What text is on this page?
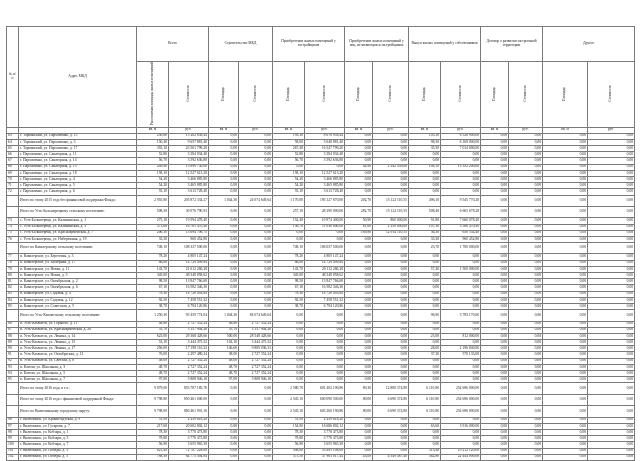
№ п/п	Адрес МКД	Всего		Строительство МКД		Приобретение жилых помещений у застройщиков		Приобретение жилых помещений у лиц, не являющихся застройщиком		Выкуп жилых помещений у собственников		Договор о развитии застроенной территории		Другое	
		Расселяемая площадь жилых помещений	Стоимость	Площадь	Стоимость	Площадь	Стоимость	Площадь	Стоимость	Площадь	Стоимость	Площадь	Стоимость	Площадь	Стоимость
		кв. м	руб.	кв. м	руб.	кв. м	руб.	кв. м	руб.	кв. м	руб.	кв. м	руб.	кв. м	руб.
63	г. Тарманский, ул. Пархоменко, д. 15	250,60	15 202 858,44	0,00	0,00	193,30	8 676 958,44	0,00	0,00	103,30	6 528 900,00	0,00	0,00	0,00	0,00
64	г. Тарманский, ул. Пархоменко, д. 3	150,40	9 657 881,40	0,00	0,00	58,00	3 648 881,40	0,00	0,00	98,30	6 169 000,00	0,00	0,00	0,00	0,00
65	г. Тарманский, ул. Пархоменко, д. 17	355,10	23 561 799,20	0,00	0,00	267,40	16 547 799,20	0,00	0,00	35,50	7 014 000,00	0,00	0,00	0,00	0,00
66	г. Пархоменко, ул. Санаторная, д. 11	52,80	3 384 034,40	0,00	0,00	52,80	3 384 034,40	0,00	0,00	0,00	0,00	0,00	0,00	0,00	0,00
67	г. Пархоменко, ул. Санаторная, д. 14	56,70	3 592 636,80	0,00	0,00	56,70	3 592 636,80	0,00	0,00	0,00	0,00	0,00	0,00	0,00	0,00
68	г. Пархоменко, ул. Санаторная, д. 15	249,80	15 899 750,00	0,00	0,00	0,00	0,00	44,90	2 542 350,00	104,10	13 352 200,00	0,00	0,00	0,00	0,00
69	г. Пархоменко, ул. Санаторная, д. 18	158,10	12 527 613,20	0,00	0,00	158,10	12 527 613,20	0,00	0,00	0,00	0,00	0,00	0,00	0,00	0,00
70	г. Пархоменко, ул. Санаторная, д. 4	54,20	3 466 885,80	0,00	0,00	54,20	3 466 885,80	0,00	0,00	0,00	0,00	0,00	0,00	0,00	0,00
71	г. Пархоменко, ул. Санаторная, д. 5	54,20	3 465 885,80	0,00	0,00	54,20	3 465 885,80	0,00	0,00	0,00	0,00	0,00	0,00	0,00	0,00
72	г. Пархоменко, ул. Санаторная, д. 6	55,10	3 613 728,40	0,00	0,00	55,10	3 613 728,40	0,00	0,00	0,00	0,00	0,00	0,00	0,00	0,00
	Итого по этапу 2015 года без финансовой поддержки Фонда:	2 955,80	205 872 334,27	1 044,30	24 074 649,64	1 170,00	195 127 870,00	202,70	15 122 110,55	496,10	9 545 770,28	0,00	0,00	0,00	0,00
	Итого по Усть-Большерецкому сельскому поселению:	508,30	30 076 790,93	0,00	0,00	257,10	28 290 000,00	282,70	15 122 110,55	508,40	6 665 678,28	0,00	0,00	0,00	0,00
73	с. Усть-Большерецк, ул. Калининская, д. 1	275,10	19 594 478,40	0,00	0,00	152,40	10 974 400,00	50,90	860 000,00	91,80	7 660 078,40	0,00	0,00	0,00	0,00
74	с. Усть-Большерецк, ул. Калининская, д. 3	373,60	16 761 470,40	0,00	0,00	156,70	11 030 000,00	81,60	2 350 000,00	107,30	3 580 470,40	0,00	0,00	0,00	0,00
75	с. Усть-Большерецк, ул. Красноармейская, д. 7	206,10	13 694 706,75	0,00	0,00	0,00	0,00	169,80	12 914 110,55	36,30	650 554,40	0,00	0,00	0,00	0,00
76	с. Усть-Большерецк, ул. Набережная, д. 19	33,30	960 452,80	0,00	0,00	0,00	0,00	0,00	0,00	33,30	960 452,80	0,00	0,00	0,00	0,00
	Итого по Кавалерскому сельскому поселению:	748,10	108 337 500,00	0,00	0,00	748,10	106 037 500,00	0,00	0,00	23,70	1 700 000,00	0,00	0,00	0,00	0,00
77	п. Кавалерское, ул. Береговая, д. 3	78,20	4 805 147,24	0,00	0,00	78,20	4 805 147,24	0,00	0,00	0,00	0,00	0,00	0,00	0,00	0,00
78	п. Кавалерское, ул. Заозерная, д. 17	86,00	14 729 499,84	0,00	0,00	86,00	14 729 499,84	0,00	0,00	0,00	0,00	0,00	0,00	0,00	0,00
79	п. Кавалерское, ул. Новая, д. 11	143,70	21 612 260,28	0,00	0,00	143,70	20 112 260,28	0,00	0,00	57,40	1 500 000,00	0,00	0,00	0,00	0,00
80	п. Кавалерское, ул. Новая, д. 5	345,00	48 348 858,62	0,00	0,00	345,00	48 348 858,62	0,00	0,00	0,00	0,00	0,00	0,00	0,00	0,00
81	п. Кавалерское, ул. Октябрьская, д. 2	98,50	13 847 766,68	0,00	0,00	98,50	13 847 766,68	0,00	0,00	0,00	0,00	0,00	0,00	0,00	0,00
82	п. Кавалерское, ул. Октябрьская, д. 6	67,10	16 582 346,30	0,00	0,00	67,10	16 582 346,30	0,00	0,00	0,00	0,00	0,00	0,00	0,00	0,00
83	п. Кавалерское, ул. Садовая, д. 4	78,30	14 720 493,84	0,00	0,00	78,30	14 720 493,84	0,00	0,00	0,00	0,00	0,00	0,00	0,00	0,00
84	п. Кавалерское, ул. Садовая, д. 12	92,50	7 458 551,32	0,00	0,00	92,50	7 458 551,32	0,00	0,00	0,00	0,00	0,00	0,00	0,00	0,00
85	п. Кавалерское, ул. Советская, д. 5	38,70	6 794 120,86	0,00	0,00	38,70	6 794 120,86	0,00	0,00	0,00	0,00	0,00	0,00	0,00	0,00
	Итого по Усть-Камчатскому сельскому поселению:	1 250,30	95 459 774,04	1 044,30	84 074 649,64	0,00	0,00	0,00	0,00	96,90	3 785 170,00	0,00	0,00	0,00	0,00
86	п. Усть-Камчатск, ул. Горького, д. 11	48,80	2 727 352,24	48,80	2 727 352,24	0,00	0,00	0,00	0,00	0,00	0,00	0,00	0,00	0,00	0,00
87	п. Усть-Камчатск, ул. Красноармейская, д. 28	55,70	3 157 904,26	55,70	3 157 904,26	0,00	0,00	0,00	0,00	0,00	0,00	0,00	0,00	0,00	0,00
88	п. Усть-Камчатск, ул. Ленина, д. 14	623,00	29 368 428,66	500,00	28 548 428,66	0,00	0,00	0,00	0,00	23,00	812 000,00	0,00	0,00	0,00	0,00
89	п. Усть-Камчатск, ул. Ленина, д. 15	53,10	3 444 475,32	102,10	3 444 475,32	0,00	0,00	0,00	0,00	0,00	0,00	0,00	0,00	0,00	0,00
90	п. Усть-Камчатск, ул. Ленина, д. 17	256,00	17 198 116,32	146,60	9 809 036,31	0,00	0,00	0,00	0,00	28,00	2 196 840,00	0,00	0,00	0,00	0,00
91	п. Усть-Камчатск, ул. Октябрьская, д. 13	76,00	2 297 480,24	38,00	2 727 352,24	0,00	0,00	0,00	0,00	37,30	570 133,00	0,00	0,00	0,00	0,00
92	п. Усть-Камчатск, ул. Светлая, д. 6	48,00	2 727 352,24	48,00	2 727 352,24	0,00	0,00	0,00	0,00	0,00	0,00	0,00	0,00	0,00	0,00
93	п. Ключи, ул. Школьная, д. 3	48,70	2 727 352,24	48,70	2 727 352,24	0,00	0,00	0,00	0,00	0,00	0,00	0,00	0,00	0,00	0,00
94	п. Ключи, ул. Школьная, д. 5	48,70	2 727 352,24	48,70	2 727 352,24	0,00	0,00	0,00	0,00	0,00	0,00	0,00	0,00	0,00	0,00
95	п. Ключи, ул. Школьная, д. 7	97,00	5 808 946,10	97,00	5 808 946,10	0,00	0,00	0,00	0,00	0,00	0,00	0,00	0,00	0,00	0,00
	Итого по этапу 2016 года, в т.ч.:	9 879,00	853 787 185,76	0,00	0,00	2 580,70	601 402 190,86	80,30	12 880 374,80	6 110,80	254 696 000,00	0,00	0,00	0,00	0,00
	Итого по этапу 2016 года с финансовой поддержкой Фонда:	9 798,80	850 461 000,00	0,00	0,00	2 545,10	600 090 500,00	80,00	6 690 374,80	6 110,80	254 696 000,00	0,00	0,00	0,00	0,00
	Итого по Вилючинскому городскому округу:	9 798,00	860 461 901,16	0,00	0,00	2 545,10	603 260 190,86	80,00	6 690 374,80	6 110,80	254 696 000,00	0,00	0,00	0,00	0,00
96	г. Вилючинск, ул. Кронштадтская, д. 9	51,90	2 459 618,20	0,00	0,00	51,90	2 459 618,20	0,00	0,00	0,00	0,00	0,00	0,00	0,00	0,00
97	г. Вилючинск, ул. Гусарова, д. 7	217,60	20 602 802,12	0,00	0,00	154,00	16 686 802,12	0,00	0,00	63,60	3 916 000,00	0,00	0,00	0,00	0,00
98	г. Вилючинск, ул. Кобзаря, д. 1	78,30	3 770 473,80	0,00	0,00	78,30	3 770 473,80	0,00	0,00	0,00	0,00	0,00	0,00	0,00	0,00
99	г. Вилючинск, ул. Кобзаря, д. 5	78,80	3 770 473,80	0,00	0,00	78,80	3 770 473,80	0,00	0,00	0,00	0,00	0,00	0,00	0,00	0,00
100	г. Вилючинск, ул. Кобзаря, д. 7	56,90	3 655 965,30	0,00	0,00	56,90	3 655 965,30	0,00	0,00	0,00	0,00	0,00	0,00	0,00	0,00
101	г. Вилючинск, ул. Победы, д. 3	821,40	72 707 228,00	0,00	0,00	508,00	53 495 108,00	0,00	0,00	313,40	19 212 120,00	0,00	0,00	0,00	0,00
102	г. Вилючинск, ул. Победы, д. 5	788,30	64 775 304,84	0,00	0,00	375,50	37 903 017,44	43,00	4 549 487,40	362,80	22 444 000,00	0,00	0,00	0,00	0,00
